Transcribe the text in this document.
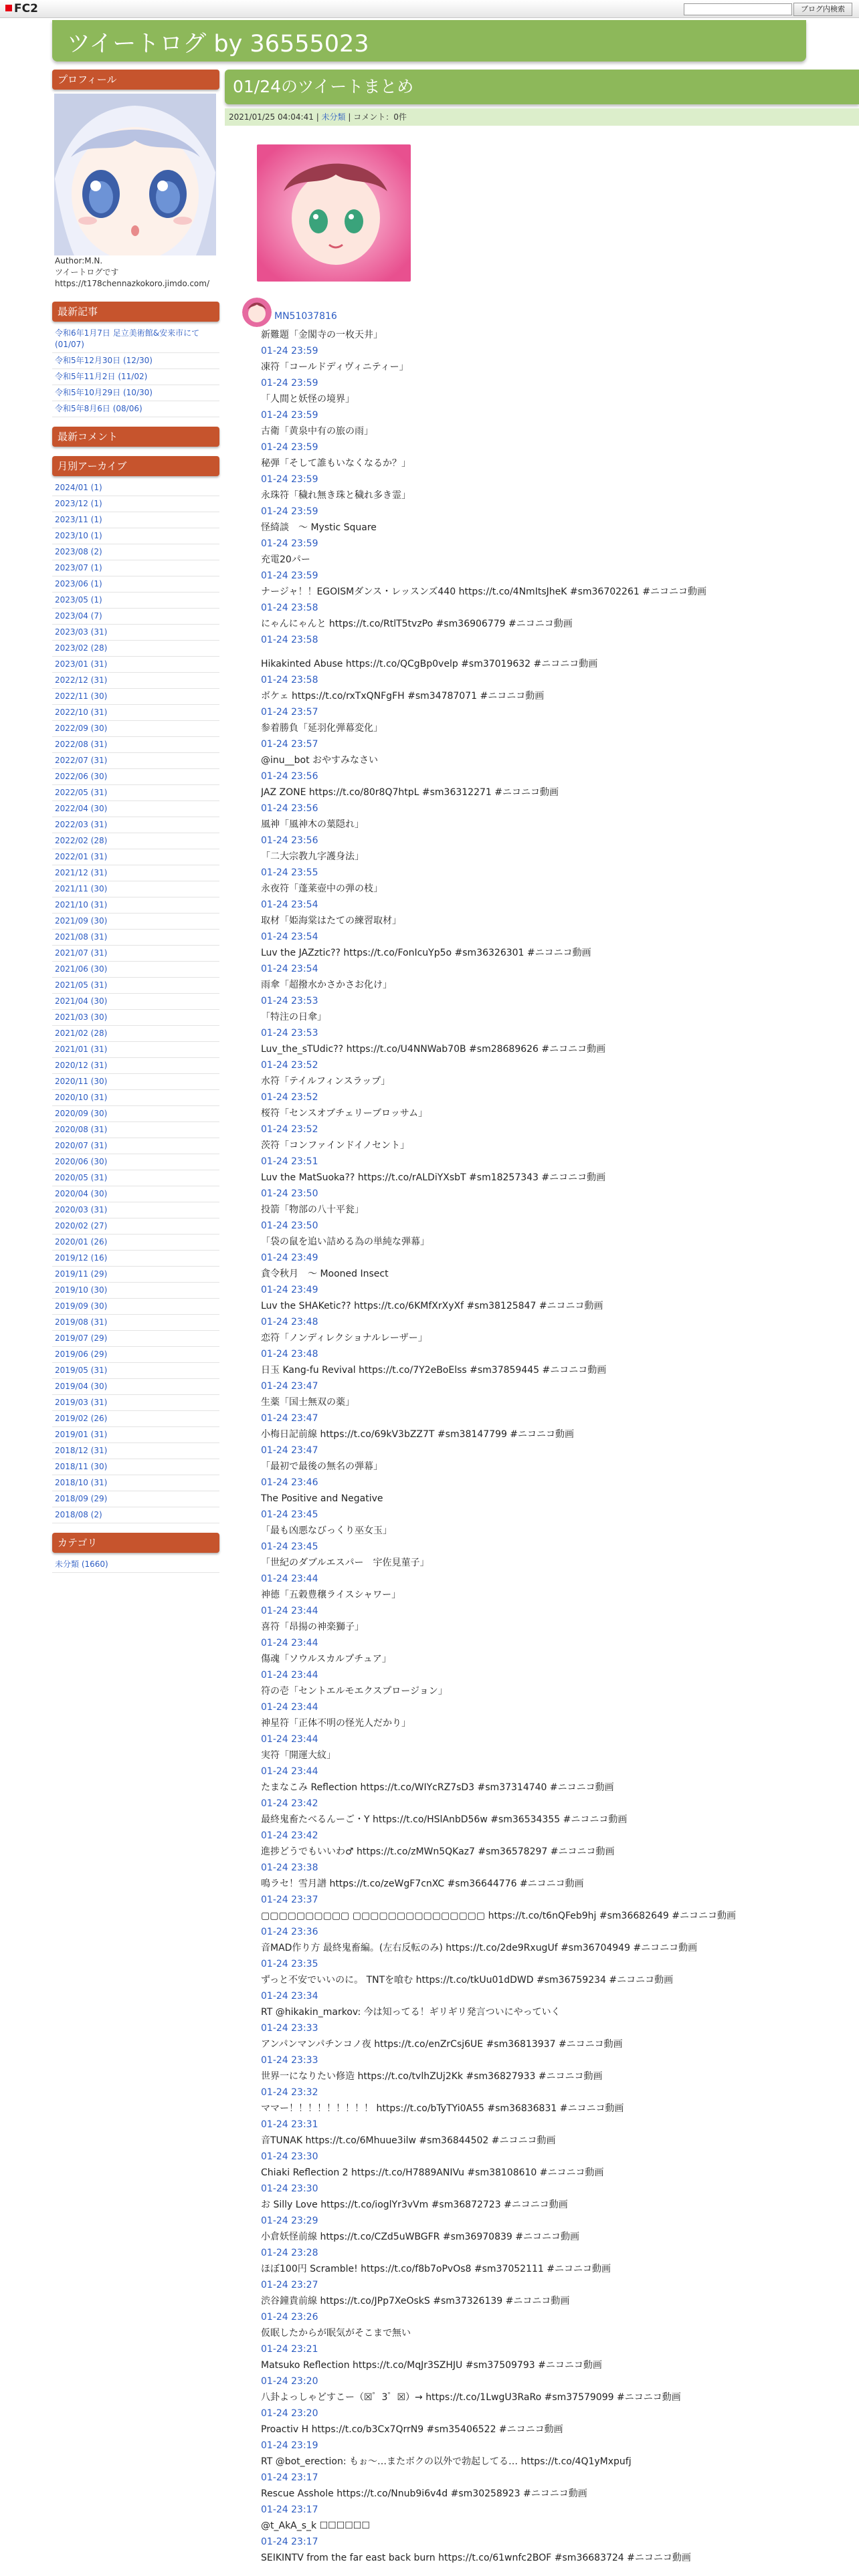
FC2	ブログ内検索
ツイートログ by 36555023
プロフィール
Author:M.N.
ツイートログです
https://t178chennazkokoro.jimdo.com/
最新記事
令和6年1月7日 足立美術館&安来市にて (01/07)
令和5年12月30日 (12/30)
令和5年11月2日 (11/02)
令和5年10月29日 (10/30)
令和5年8月6日 (08/06)
最新コメント
月別アーカイブ
2024/01 (1)
2023/12 (1)
2023/11 (1)
2023/10 (1)
2023/08 (2)
2023/07 (1)
2023/06 (1)
2023/05 (1)
2023/04 (7)
2023/03 (31)
2023/02 (28)
2023/01 (31)
2022/12 (31)
2022/11 (30)
2022/10 (31)
2022/09 (30)
2022/08 (31)
2022/07 (31)
2022/06 (30)
2022/05 (31)
2022/04 (30)
2022/03 (31)
2022/02 (28)
2022/01 (31)
2021/12 (31)
2021/11 (30)
2021/10 (31)
2021/09 (30)
2021/08 (31)
2021/07 (31)
2021/06 (30)
2021/05 (31)
2021/04 (30)
2021/03 (30)
2021/02 (28)
2021/01 (31)
2020/12 (31)
2020/11 (30)
2020/10 (31)
2020/09 (30)
2020/08 (31)
2020/07 (31)
2020/06 (30)
2020/05 (31)
2020/04 (30)
2020/03 (31)
2020/02 (27)
2020/01 (26)
2019/12 (16)
2019/11 (29)
2019/10 (30)
2019/09 (30)
2019/08 (31)
2019/07 (29)
2019/06 (29)
2019/05 (31)
2019/04 (30)
2019/03 (31)
2019/02 (26)
2019/01 (31)
2018/12 (31)
2018/11 (30)
2018/10 (31)
2018/09 (29)
2018/08 (2)
カテゴリ
未分類 (1660)
01/24のツイートまとめ
2021/01/25 04:04:41 | 未分類 | コメント：0件
MN51037816
新難題「金閣寺の一枚天井」
01-24 23:59
凍符「コールドディヴィニティー」
01-24 23:59
「人間と妖怪の境界」
01-24 23:59
古衛「黄泉中有の旅の雨」
01-24 23:59
秘弾「そして誰もいなくなるか？」
01-24 23:59
永珠符「穢れ無き珠と穢れ多き霊」
01-24 23:59
怪綺談　～ Mystic Square
01-24 23:59
充電20パー
01-24 23:59
ナージャ！！EGOISMダンス・レッスンズ440 https://t.co/4NmItsJheK #sm36702261 #ニコニコ動画
01-24 23:58
にゃんにゃんと https://t.co/RtlT5tvzPo #sm36906779 #ニコニコ動画
01-24 23:58
Hikakinted Abuse https://t.co/QCgBp0velp #sm37019632 #ニコニコ動画
01-24 23:58
ボケェ https://t.co/rxTxQNFgFH #sm34787071 #ニコニコ動画
01-24 23:57
参着勝負「延羽化弾幕変化」
01-24 23:57
@inu__bot おやすみなさい
01-24 23:56
JAZ ZONE https://t.co/80r8Q7htpL #sm36312271 #ニコニコ動画
01-24 23:56
風神「風神木の葉隠れ」
01-24 23:56
「二大宗教九字護身法」
01-24 23:55
永夜符「蓬莱壺中の弾の枝」
01-24 23:54
取材「姫海棠はたての練習取材」
01-24 23:54
Luv the JAZztic?? https://t.co/FonIcuYp5o #sm36326301 #ニコニコ動画
01-24 23:54
雨傘「超撥水かさかさお化け」
01-24 23:53
「特注の日傘」
01-24 23:53
Luv_the_sTUdic?? https://t.co/U4NNWab70B #sm28689626 #ニコニコ動画
01-24 23:52
水符「テイルフィンスラップ」
01-24 23:52
桜符「センスオブチェリーブロッサム」
01-24 23:52
茨符「コンファインドイノセント」
01-24 23:51
Luv the MatSuoka?? https://t.co/rALDiYXsbT #sm18257343 #ニコニコ動画
01-24 23:50
投箭「物部の八十平瓮」
01-24 23:50
「袋の鼠を追い詰める為の単純な弾幕」
01-24 23:49
貪令秋月　～ Mooned Insect
01-24 23:49
Luv the SHAKetic?? https://t.co/6KMfXrXyXf #sm38125847 #ニコニコ動画
01-24 23:48
恋符「ノンディレクショナルレーザー」
01-24 23:48
日玉 Kang-fu Revival https://t.co/7Y2eBoElss #sm37859445 #ニコニコ動画
01-24 23:47
生薬「国士無双の薬」
01-24 23:47
小梅日記前線 https://t.co/69kV3bZZ7T #sm38147799 #ニコニコ動画
01-24 23:47
「最初で最後の無名の弾幕」
01-24 23:46
The Positive and Negative
01-24 23:45
「最も凶悪なびっくり巫女玉」
01-24 23:45
「世紀のダブルエスパー　宇佐見菫子」
01-24 23:44
神德「五穀豊穣ライスシャワー」
01-24 23:44
喜符「昂揚の神楽獅子」
01-24 23:44
傷魂「ソウルスカルプチュア」
01-24 23:44
符の壱「セントエルモエクスプロージョン」
01-24 23:44
神星符「正体不明の怪光人だかり」
01-24 23:44
実符「開運大紋」
01-24 23:44
たまなこみ Reflection https://t.co/WIYcRZ7sD3 #sm37314740 #ニコニコ動画
01-24 23:42
最終鬼畜たべるんーご・Y https://t.co/HSlAnbD56w #sm36534355 #ニコニコ動画
01-24 23:42
進捗どうでもいいわ♂ https://t.co/zMWn5QKaz7 #sm36578297 #ニコニコ動画
01-24 23:38
鳴ラセ！雪月譜 https://t.co/zeWgF7cnXC #sm36644776 #ニコニコ動画
01-24 23:37
▢▢▢▢▢▢▢▢▢▢ ▢▢▢▢▢▢▢▢▢▢▢▢▢▢▢ https://t.co/t6nQFeb9hj #sm36682649 #ニコニコ動画
01-24 23:36
音MAD作り方 最終鬼畜編。(左右反転のみ) https://t.co/2de9RxugUf #sm36704949 #ニコニコ動画
01-24 23:35
ずっと不安でいいのに。 TNTを喰む https://t.co/tkUu01dDWD #sm36759234 #ニコニコ動画
01-24 23:34
RT @hikakin_markov: 今は知ってる！ギリギリ発言ついにやっていく
01-24 23:33
アンパンマンパチンコノ夜 https://t.co/enZrCsj6UE #sm36813937 #ニコニコ動画
01-24 23:33
世界一になりたい修造 https://t.co/tvlhZUj2Kk #sm36827933 #ニコニコ動画
01-24 23:32
ママー！！！！！！！！！ https://t.co/bTyTYi0A55 #sm36836831 #ニコニコ動画
01-24 23:31
音TUNAK https://t.co/6Mhuue3ilw #sm36844502 #ニコニコ動画
01-24 23:30
Chiaki Reflection 2 https://t.co/H7889ANIVu #sm38108610 #ニコニコ動画
01-24 23:30
お Silly Love https://t.co/ioglYr3vVm #sm36872723 #ニコニコ動画
01-24 23:29
小倉妖怪前線 https://t.co/CZd5uWBGFR #sm36970839 #ニコニコ動画
01-24 23:28
ほぼ100円 Scramble! https://t.co/f8b7oPvOs8 #sm37052111 #ニコニコ動画
01-24 23:27
渋谷鐘貴前線 https://t.co/JPp7XeOskS #sm37326139 #ニコニコ動画
01-24 23:26
仮眠したからが眠気がそこまで無い
01-24 23:21
Matsuko Reflection https://t.co/MqJr3SZHJU #sm37509793 #ニコニコ動画
01-24 23:20
八卦よっしゃどすこー（☒゜3゜☒）→ https://t.co/1LwgU3RaRo #sm37579099 #ニコニコ動画
01-24 23:20
Proactiv H https://t.co/b3Cx7QrrN9 #sm35406522 #ニコニコ動画
01-24 23:19
RT @bot_erection: もぉ〜…またボクの以外で勃起してる… https://t.co/4Q1yMxpufj
01-24 23:17
Rescue Asshole https://t.co/Nnub9i6v4d #sm30258923 #ニコニコ動画
01-24 23:17
@t_AkA_s_k ☐☐☐☐☐☐
01-24 23:17
SEIKINTV from the far east back burn https://t.co/61wnfc2BOF #sm36683724 #ニコニコ動画
